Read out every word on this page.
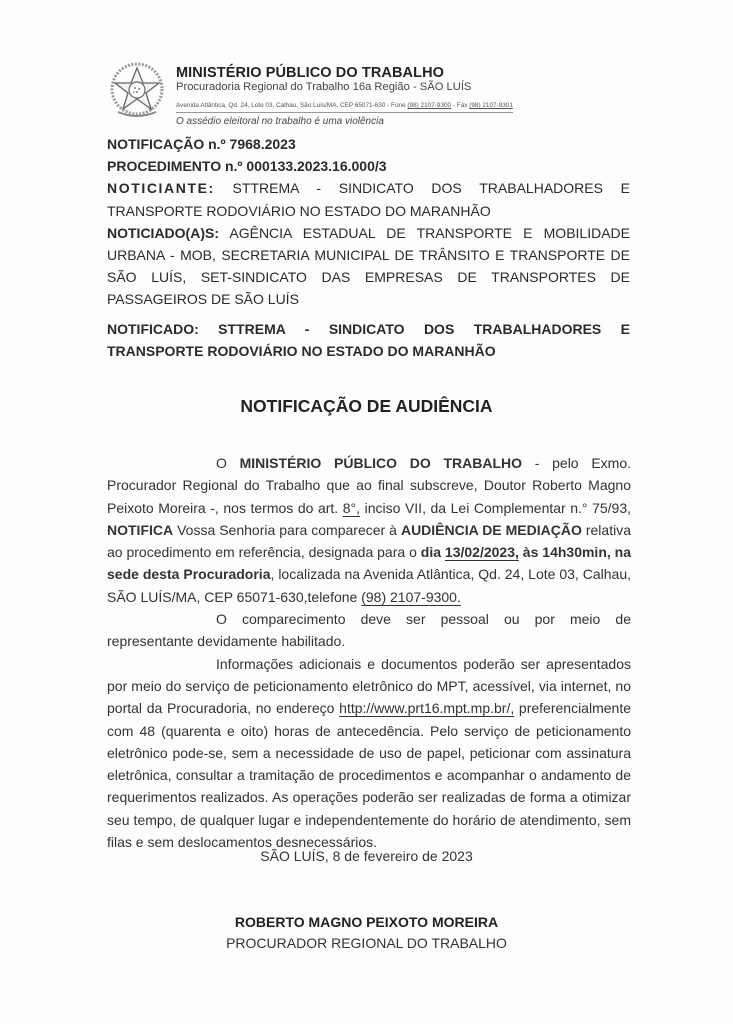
MINISTÉRIO PÚBLICO DO TRABALHO
Procuradoria Regional do Trabalho 16a Região - SÃO LUÍS
Avenida Atlântica, Qd. 24, Lote 03, Calhau, São Luís/MA, CEP 65071-630 - Fone (98) 2107-9300 - Fax (98) 2107-9301
O assédio eleitoral no trabalho é uma violência

NOTIFICAÇÃO n.º 7968.2023

PROCEDIMENTO n.º 000133.2023.16.000/3

NOTICIANTE: STTREMA - SINDICATO DOS TRABALHADORES E

TRANSPORTE RODOVIÁRIO NO ESTADO DO MARANHÃO

NOTICIADO(A)S: AGÊNCIA ESTADUAL DE TRANSPORTE E MOBILIDADE

URBANA - MOB, SECRETARIA MUNICIPAL DE TRÂNSITO E TRANSPORTE DE

SÃO LUÍS, SET-SINDICATO DAS EMPRESAS DE TRANSPORTES DE

PASSAGEIROS DE SÃO LUÍS

NOTIFICADO: STTREMA - SINDICATO DOS TRABALHADORES E

TRANSPORTE RODOVIÁRIO NO ESTADO DO MARANHÃO

NOTIFICAÇÃO DE AUDIÊNCIA

O MINISTÉRIO PÚBLICO DO TRABALHO - pelo Exmo. Procurador Regional do Trabalho que ao final subscreve, Doutor Roberto Magno Peixoto Moreira -, nos termos do art. 8°, inciso VII, da Lei Complementar n.° 75/93, NOTIFICA Vossa Senhoria para comparecer à AUDIÊNCIA DE MEDIAÇÃO relativa ao procedimento em referência, designada para o dia 13/02/2023, às 14h30min, na sede desta Procuradoria, localizada na Avenida Atlântica, Qd. 24, Lote 03, Calhau, SÃO LUÍS/MA, CEP 65071-630,telefone (98) 2107-9300.

O comparecimento deve ser pessoal ou por meio de representante devidamente habilitado.

Informações adicionais e documentos poderão ser apresentados por meio do serviço de peticionamento eletrônico do MPT, acessível, via internet, no portal da Procuradoria, no endereço http://www.prt16.mpt.mp.br/, preferencialmente com 48 (quarenta e oito) horas de antecedência. Pelo serviço de peticionamento eletrônico pode-se, sem a necessidade de uso de papel, peticionar com assinatura eletrônica, consultar a tramitação de procedimentos e acompanhar o andamento de requerimentos realizados. As operações poderão ser realizadas de forma a otimizar seu tempo, de qualquer lugar e independentemente do horário de atendimento, sem filas e sem deslocamentos desnecessários.

SÃO LUÍS, 8 de fevereiro de 2023
ROBERTO MAGNO PEIXOTO MOREIRA
PROCURADOR REGIONAL DO TRABALHO
